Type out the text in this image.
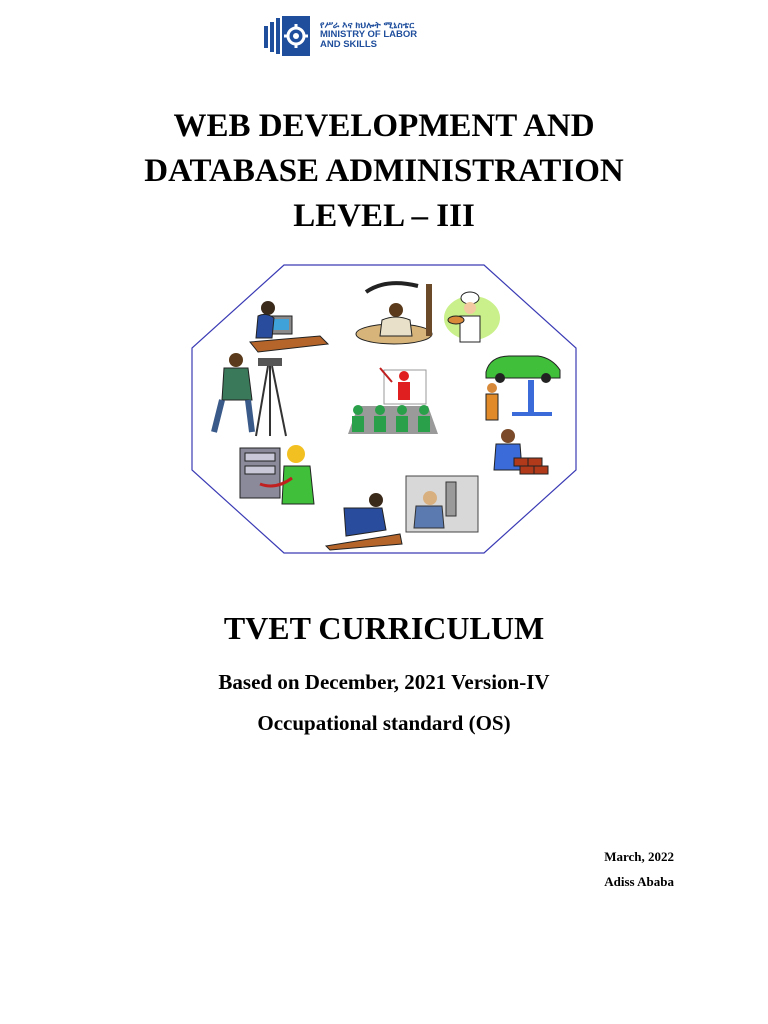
የሥራ እና ክህሎት ሚኒስቴር
MINISTRY OF LABOR
AND SKILLS
WEB DEVELOPMENT AND
DATABASE ADMINISTRATION
LEVEL – III
TVET CURRICULUM
Based on December, 2021 Version-IV
Occupational standard (OS)
March, 2022
Adiss Ababa
